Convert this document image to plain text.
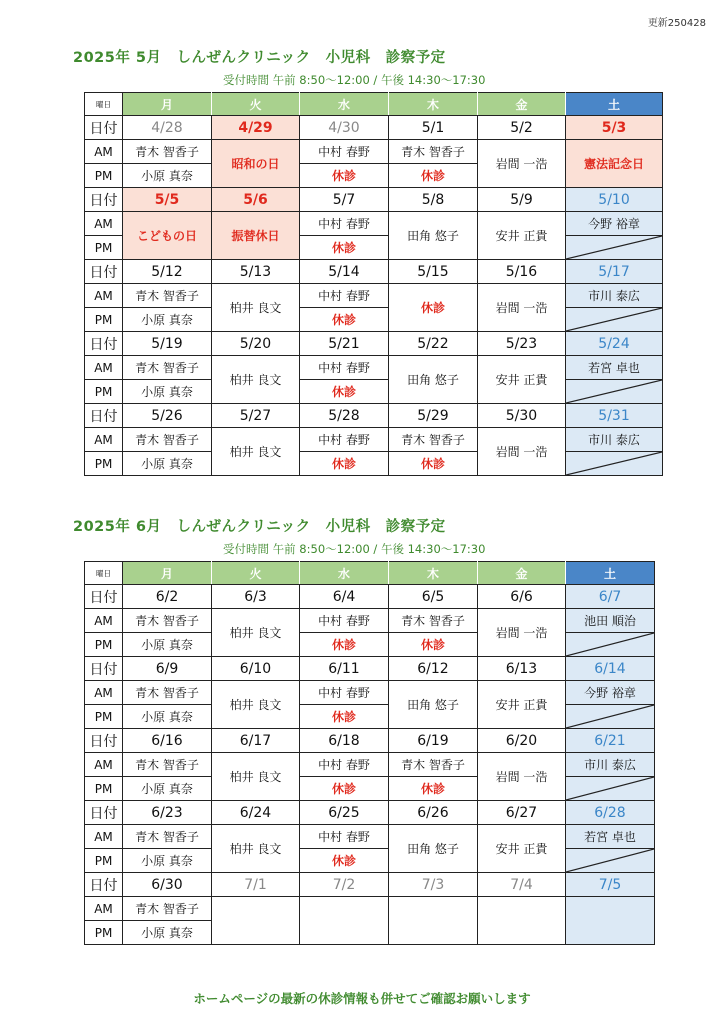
更新250428
2025年 5月　しんぜんクリニック　小児科　診察予定
受付時間 午前 8:50～12:00 / 午後 14:30～17:30
曜日	月	火	水	木	金	土
日付	4/28	4/29	4/30	5/1	5/2	5/3
AM	青木 智香子	昭和の日	中村 春野	青木 智香子	岩間 一浩	憲法記念日
PM	小原 真奈		休診	休診		
日付	5/5	5/6	5/7	5/8	5/9	5/10
AM	こどもの日	振替休日	中村 春野	田角 悠子	安井 正貴	今野 裕章
PM			休診	

日付	5/12	5/13	5/14	5/15	5/16	5/17
AM	青木 智香子	柏井 良文	中村 春野	休診	岩間 一浩	市川 泰広
PM	小原 真奈		休診	

日付	5/19	5/20	5/21	5/22	5/23	5/24
AM	青木 智香子	柏井 良文	中村 春野	田角 悠子	安井 正貴	若宮 卓也
PM	小原 真奈		休診	

日付	5/26	5/27	5/28	5/29	5/30	5/31
AM	青木 智香子	柏井 良文	中村 春野	青木 智香子	岩間 一浩	市川 泰広
PM	小原 真奈		休診	休診	
2025年 6月　しんぜんクリニック　小児科　診察予定
受付時間 午前 8:50～12:00 / 午後 14:30～17:30
曜日	月	火	水	木	金	土
日付	6/2	6/3	6/4	6/5	6/6	6/7
AM	青木 智香子	柏井 良文	中村 春野	青木 智香子	岩間 一浩	池田 順治
PM	小原 真奈		休診	休診	

日付	6/9	6/10	6/11	6/12	6/13	6/14
AM	青木 智香子	柏井 良文	中村 春野	田角 悠子	安井 正貴	今野 裕章
PM	小原 真奈		休診	

日付	6/16	6/17	6/18	6/19	6/20	6/21
AM	青木 智香子	柏井 良文	中村 春野	青木 智香子	岩間 一浩	市川 泰広
PM	小原 真奈		休診	休診	

日付	6/23	6/24	6/25	6/26	6/27	6/28
AM	青木 智香子	柏井 良文	中村 春野	田角 悠子	安井 正貴	若宮 卓也
PM	小原 真奈		休診	

日付	6/30	7/1	7/2	7/3	7/4	7/5
AM	青木 智香子					
PM	小原 真奈					
ホームページの最新の休診情報も併せてご確認お願いします
